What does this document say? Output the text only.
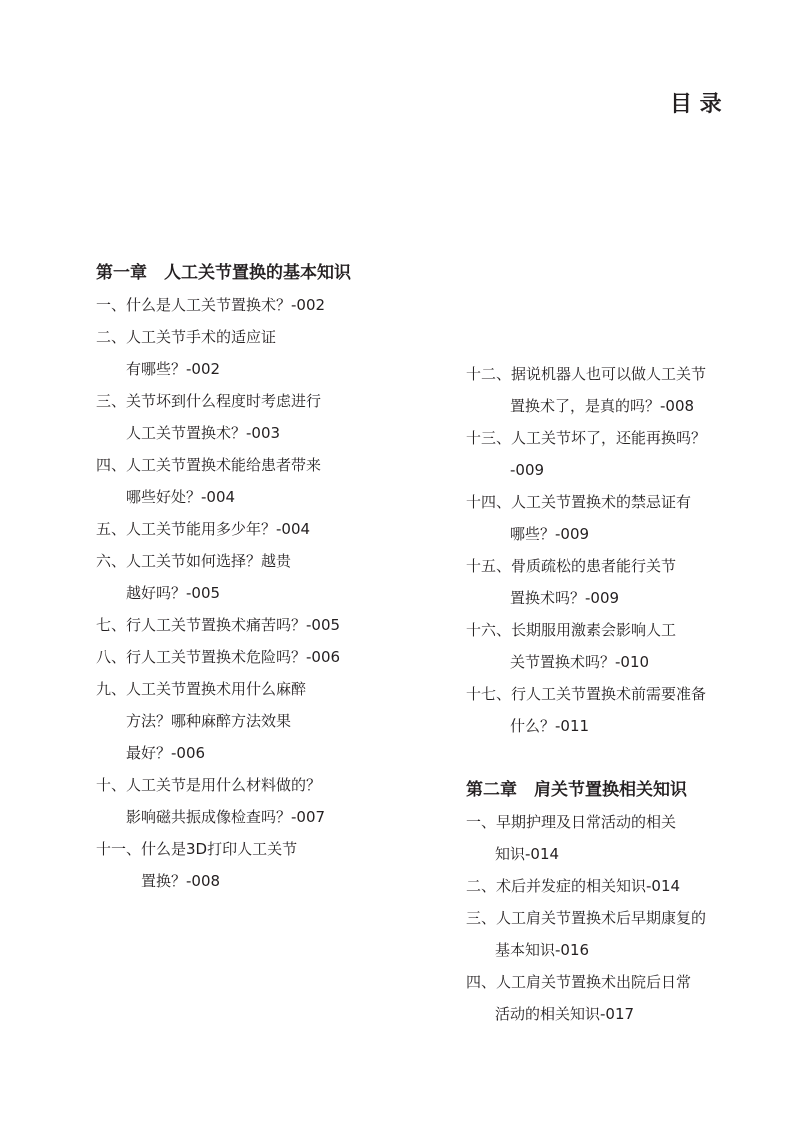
目 录
第一章　人工关节置换的基本知识
一、什么是人工关节置换术？-002
二、人工关节手术的适应证
有哪些？-002
三、关节坏到什么程度时考虑进行
人工关节置换术？-003
四、人工关节置换术能给患者带来
哪些好处？-004
五、人工关节能用多少年？-004
六、人工关节如何选择？越贵
越好吗？-005
七、行人工关节置换术痛苦吗？-005
八、行人工关节置换术危险吗？-006
九、人工关节置换术用什么麻醉
方法？哪种麻醉方法效果
最好？-006
十、人工关节是用什么材料做的？
影响磁共振成像检查吗？-007
十一、什么是3D打印人工关节
置换？-008
十二、据说机器人也可以做人工关节
置换术了，是真的吗？-008
十三、人工关节坏了，还能再换吗？
-009
十四、人工关节置换术的禁忌证有
哪些？-009
十五、骨质疏松的患者能行关节
置换术吗？-009
十六、长期服用激素会影响人工
关节置换术吗？-010
十七、行人工关节置换术前需要准备
什么？-011
第二章　肩关节置换相关知识
一、早期护理及日常活动的相关
知识-014
二、术后并发症的相关知识-014
三、人工肩关节置换术后早期康复的
基本知识-016
四、人工肩关节置换术出院后日常
活动的相关知识-017
